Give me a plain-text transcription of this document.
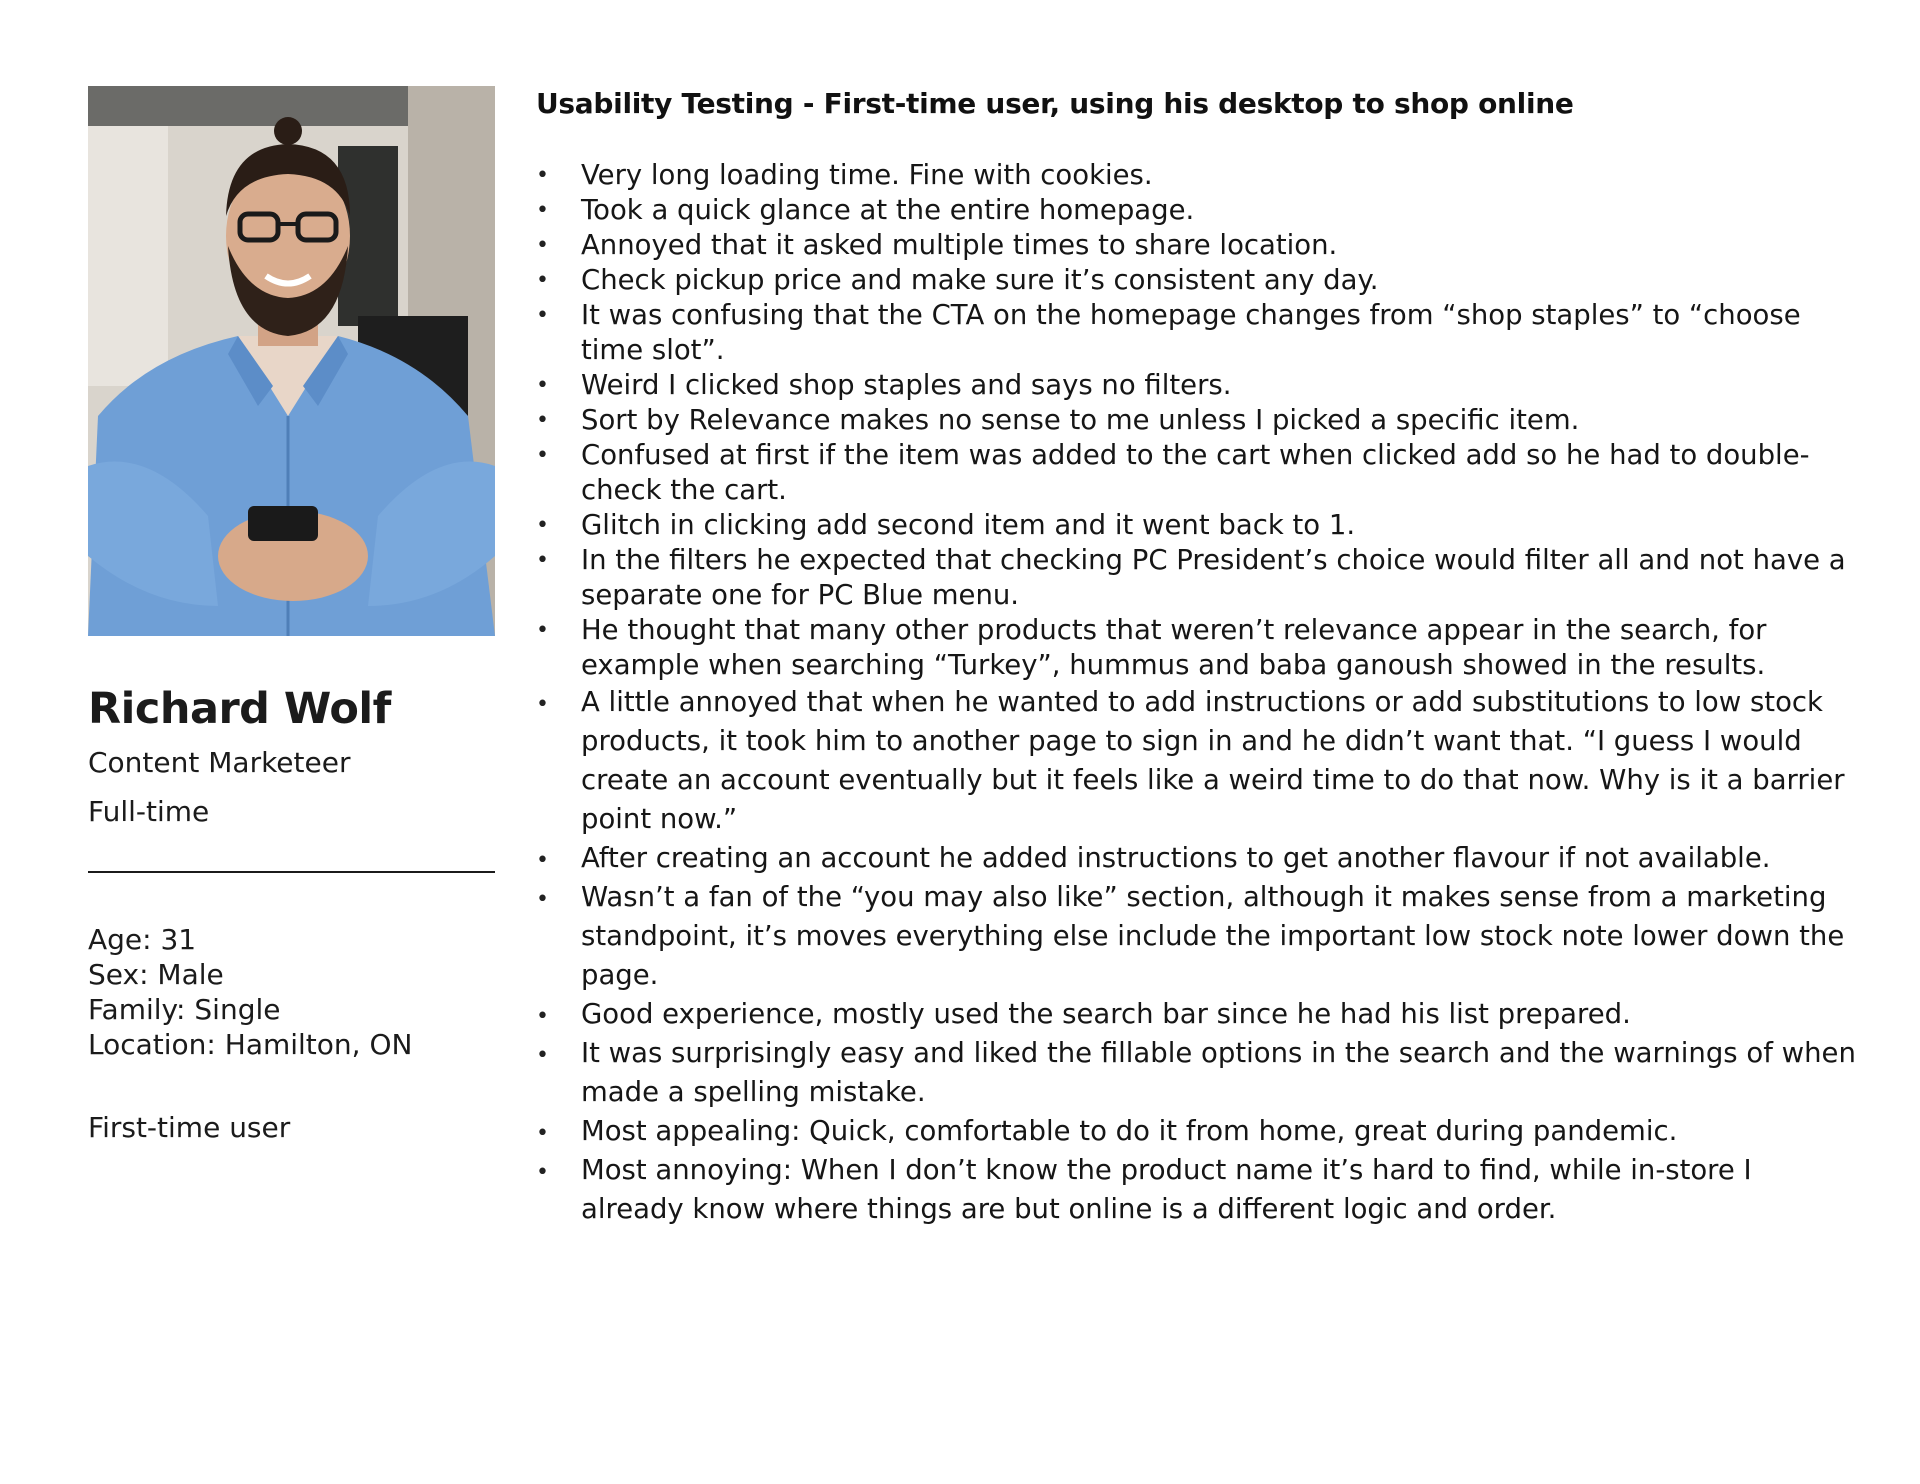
Richard Wolf
Content Marketeer
Full-time
Age: 31
Sex: Male
Family: Single
Location: Hamilton, ON
First-time user
Usability Testing - First-time user, using his desktop to shop online
• Very long loading time. Fine with cookies.
• Took a quick glance at the entire homepage.
• Annoyed that it asked multiple times to share location.
• Check pickup price and make sure it’s consistent any day.
• It was confusing that the CTA on the homepage changes from “shop staples” to “choose time slot”.
• Weird I clicked shop staples and says no filters.
• Sort by Relevance makes no sense to me unless I picked a specific item.
• Confused at first if the item was added to the cart when clicked add so he had to double-check the cart.
• Glitch in clicking add second item and it went back to 1.
• In the filters he expected that checking PC President’s choice would filter all and not have a separate one for PC Blue menu.
• He thought that many other products that weren’t relevance appear in the search, for example when searching “Turkey”, hummus and baba ganoush showed in the results.
• A little annoyed that when he wanted to add instructions or add substitutions to low stock products, it took him to another page to sign in and he didn’t want that. “I guess I would create an account eventually but it feels like a weird time to do that now. Why is it a barrier point now.”
• After creating an account he added instructions to get another flavour if not available.
• Wasn’t a fan of the “you may also like” section, although it makes sense from a marketing standpoint, it’s moves everything else include the important low stock note lower down the page.
• Good experience, mostly used the search bar since he had his list prepared.
• It was surprisingly easy and liked the fillable options in the search and the warnings of when made a spelling mistake.
• Most appealing: Quick, comfortable to do it from home, great during pandemic.
• Most annoying: When I don’t know the product name it’s hard to find, while in-store I already know where things are but online is a different logic and order.
